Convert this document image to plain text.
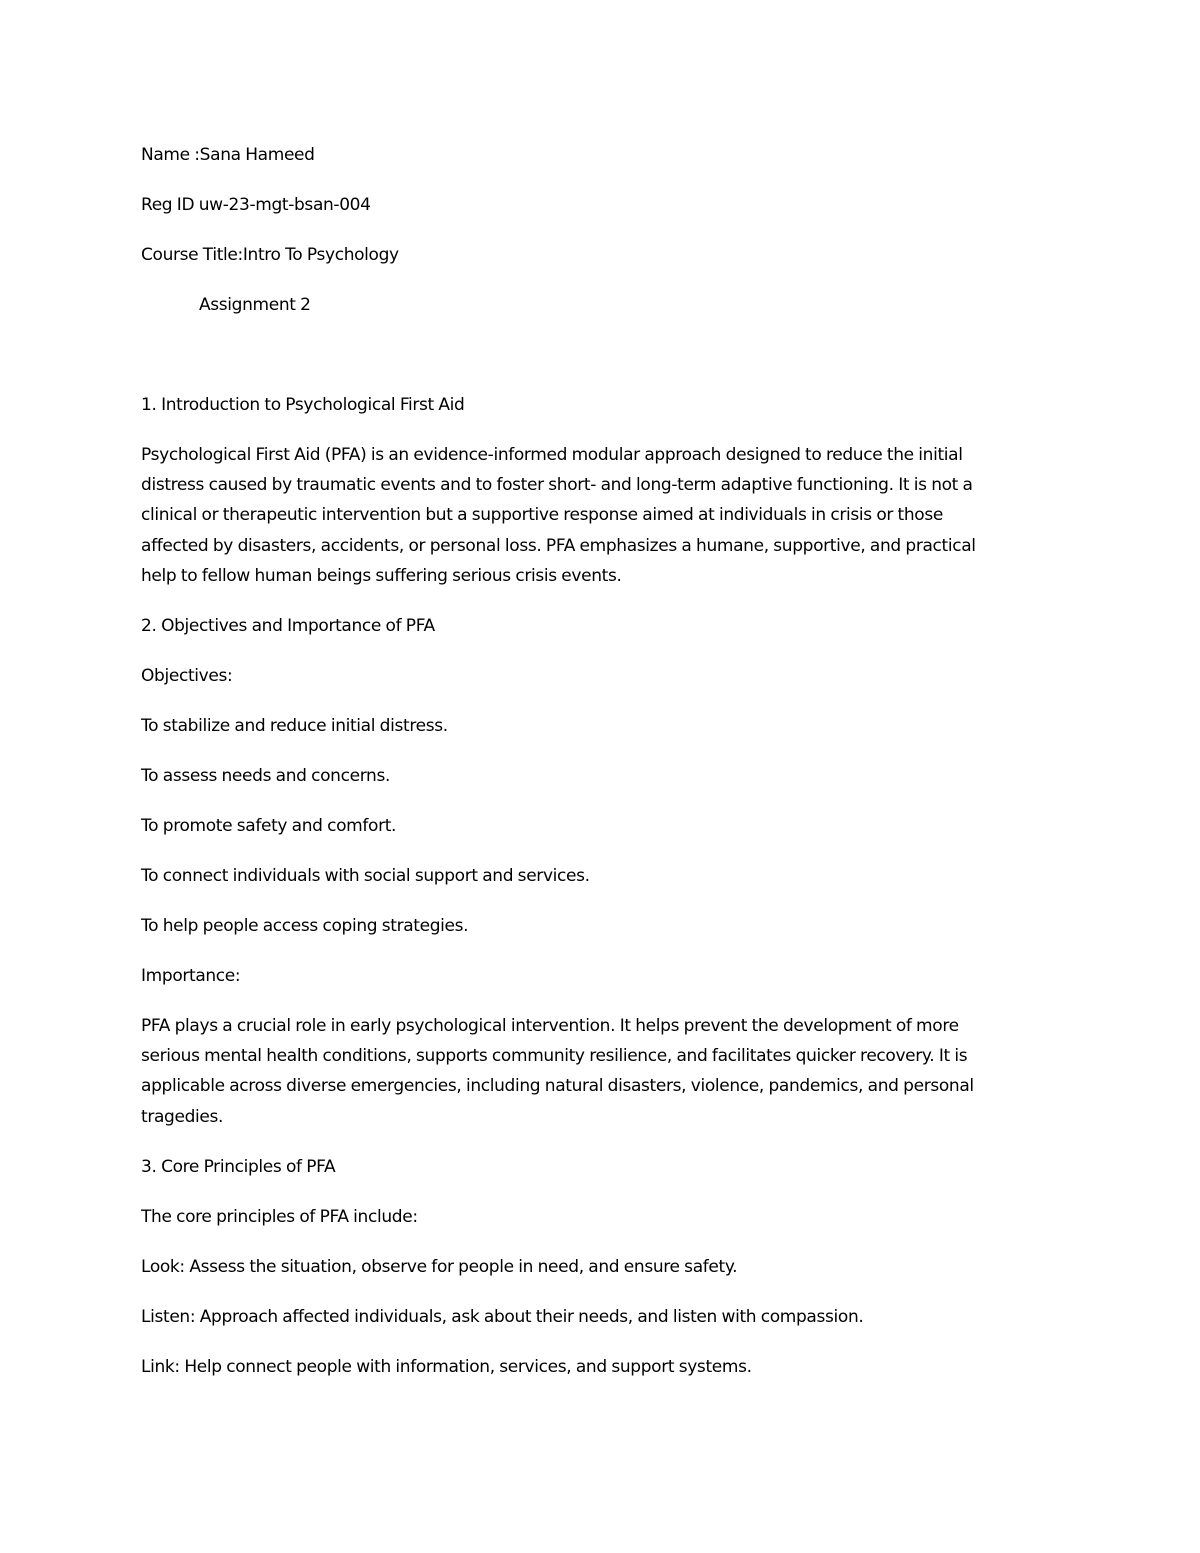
Name :Sana Hameed
Reg ID uw-23-mgt-bsan-004
Course Title:Intro To Psychology
Assignment 2
1. Introduction to Psychological First Aid
Psychological First Aid (PFA) is an evidence-informed modular approach designed to reduce the initial
distress caused by traumatic events and to foster short- and long-term adaptive functioning. It is not a
clinical or therapeutic intervention but a supportive response aimed at individuals in crisis or those
affected by disasters, accidents, or personal loss. PFA emphasizes a humane, supportive, and practical
help to fellow human beings suffering serious crisis events.
2. Objectives and Importance of PFA
Objectives:
To stabilize and reduce initial distress.
To assess needs and concerns.
To promote safety and comfort.
To connect individuals with social support and services.
To help people access coping strategies.
Importance:
PFA plays a crucial role in early psychological intervention. It helps prevent the development of more
serious mental health conditions, supports community resilience, and facilitates quicker recovery. It is
applicable across diverse emergencies, including natural disasters, violence, pandemics, and personal
tragedies.
3. Core Principles of PFA
The core principles of PFA include:
Look: Assess the situation, observe for people in need, and ensure safety.
Listen: Approach affected individuals, ask about their needs, and listen with compassion.
Link: Help connect people with information, services, and support systems.
